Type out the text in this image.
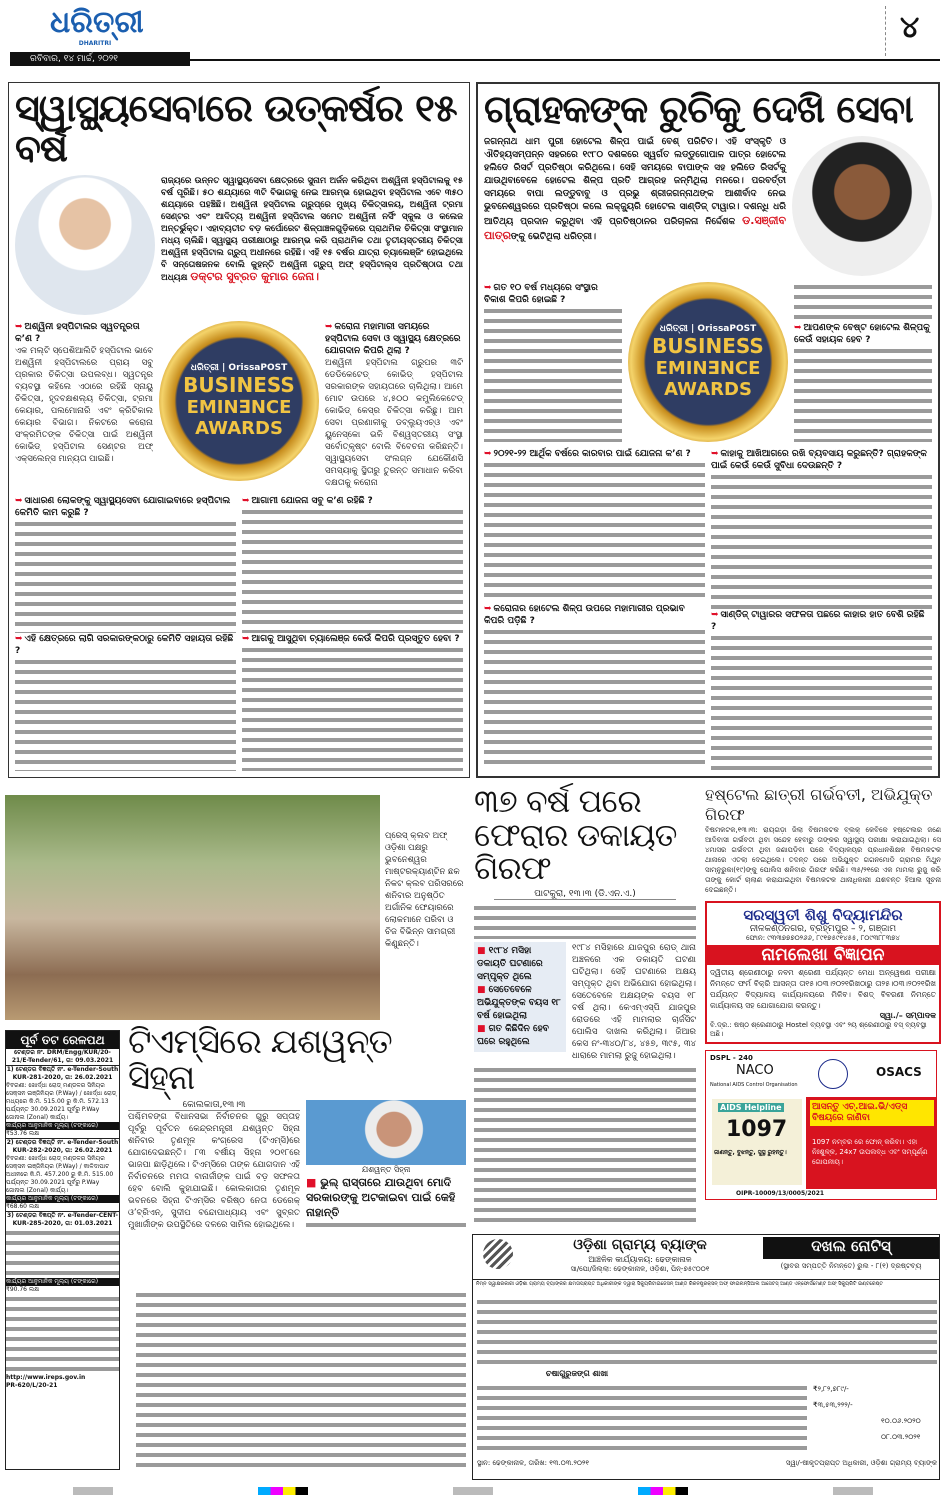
ଧରିତ୍ରୀ
DHARITRI
ରବିବାର, ୧୪ ମାର୍ଚ୍ଚ, ୨୦୨୧
୪
ସ୍ୱାସ୍ଥ୍ୟସେବାରେ ଉତ୍କର୍ଷର ୧୫ ବର୍ଷ
ରାଜ୍ୟରେ ଉନ୍ନତ ସ୍ୱାସ୍ଥ୍ୟସେବା କ୍ଷେତ୍ରରେ ସୁନାମ ଅର୍ଜନ କରିଥିବା ଅଶ୍ୱିନୀ ହସ୍ପିଟାଲକୁ ୧୫ ବର୍ଷ ପୂରିଛି। ୫୦ ଶଯ୍ୟାରେ ୩ଟି ବିଭାଗକୁ ନେଇ ଆରମ୍ଭ ହୋଇଥିବା ହସ୍ପିଟାଲ ଏବେ ୩୫୦ ଶଯ୍ୟାରେ ପହଞ୍ଚିଛି। ଅଶ୍ୱିନୀ ହସ୍ପିଟାଲ ଗ୍ରୁପ୍‌ରେ ମୁଖ୍ୟ ଚିକିତ୍ସାଳୟ, ଅଶ୍ୱିନୀ ଟ୍ରମା ସେଣ୍ଟର ଏବଂ ଆଦିତ୍ୟ ଅଶ୍ୱିନୀ ହସ୍ପିଟାଲ ସମେତ ଅଶ୍ୱିନୀ ନର୍ସିଂ ସ୍କୁଲ ଓ କଲେଜ ଅନ୍ତର୍ଭୁକ୍ତ। ଏହାବ୍ୟତୀତ ବଡ଼ କର୍ପୋରେଟ ଶିଳ୍ପାଞ୍ଚଳଗୁଡ଼ିକରେ ପ୍ରାଥମିକ ଚିକିତ୍ସା ସଂସ୍ଥାମାନ ମଧ୍ୟ ଚାଲିଛି। ସ୍ୱାସ୍ଥ୍ୟ ପରୀକ୍ଷାଠାରୁ ଆରମ୍ଭ କରି ପ୍ରାଥମିକ ତଥା ତୃତୀୟସ୍ତରୀୟ ଚିକିତ୍ସା ଅଶ୍ୱିନୀ ହସ୍ପିଟାଲ ଗ୍ରୁପ୍ ଅଧୀନରେ ରହିଛି। ଏହି ୧୫ ବର୍ଷର ଯାତ୍ରା ଚ୍ୟାଲେଞ୍ଜିଂ ହୋଇଥିଲେ ବି ସନ୍ତୋଷଜନକ ବୋଲି କୁହନ୍ତି ଅଶ୍ୱିନୀ ଗ୍ରୁପ୍ ଅଫ୍ ହସ୍ପିଟାଲ୍ସ ପ୍ରତିଷ୍ଠାତା ତଥା ଅଧ୍ୟକ୍ଷ ଡକ୍ଟର ସୁବ୍ରତ କୁମାର ଜେନା।
➥ ଅଶ୍ୱିନୀ ହସ୍ପିଟାଲର ସ୍ୱତନ୍ତ୍ରତା କ’ଣ ?
ଏକ ମଲ୍ଟି ସ୍ପେଶିଆଲିଟି ହସ୍ପିଟାଲ ଭାବେ ଅଶ୍ୱିନୀ ହସ୍ପିଟାଲରେ ପ୍ରାୟ ସବୁ ପ୍ରକାର ଚିକିତ୍ସା ଉପଲବ୍ଧ। ସ୍ୱତନ୍ତ୍ର ବ୍ୟବସ୍ଥା କହିଲେ ଏଠାରେ ରହିଛି ସ୍ନାୟୁ ଚିକିତ୍ସା, ହୃଦବକ୍ଷଶଲ୍ୟ ଚିକିତ୍ସା, ଟ୍ରମା କେୟାର, ପଲମୋନାରି ଏବଂ କ୍ରିଟିକାଲ କେୟାର ବିଭାଗ। ନିକଟରେ କରୋନା ସଂକ୍ରମିତଙ୍କ ଚିକିତ୍ସା ପାଇଁ ଅଶ୍ୱିନୀ କୋଭିଡ୍ ହସ୍ପିଟାଲ ସେଣ୍ଟର ଅଫ୍ ଏକ୍ସଲେନ୍ସ ମାନ୍ୟତା ପାଇଛି।
ଧରିତ୍ରୀ | OrissaPOST
BUSINESS
EMIN∃NCE
AWARDS
➥ କରୋନା ମହାମାରୀ ସମୟରେ ହସ୍ପିଟାଲ ସେବା ଓ ସ୍ୱାସ୍ଥ୍ୟ କ୍ଷେତ୍ରରେ ଯୋଗଦାନ କିପରି ଥିଲା ?
ଅଶ୍ୱିନୀ ହସ୍ପିଟାଲ ଗ୍ରୁପର ୩ଟି ଡେଡିକେଟେଡ୍ କୋଭିଡ୍ ହସ୍ପିଟାଲ ସରକାରଙ୍କ ସହାୟତାରେ ଚାଲିଥିଲା। ଆମେ ମୋଟ ଉପରେ ୪,୫୦୦ କମ୍ପ୍ଲିକେଟେଡ୍ କୋଭିଡ୍ କେସ୍‌ର ଚିକିତ୍ସା କରିଛୁ। ଆମ ସେବା ପ୍ରଣାଳୀକୁ ଡବ୍ଲ୍ୟୁଏଚ୍ଓ ଏବଂ ୟୁନେସ୍କୋ ଭଳି ବିଶ୍ୱସ୍ତରୀୟ ସଂସ୍ଥା ସର୍ବୋତ୍କୃଷ୍ଟ ବୋଲି ବିବେଚନା କରିଛନ୍ତି। ସ୍ୱାସ୍ଥ୍ୟସେବା ସଂଲଗ୍ନ ଯେକୌଣସି ସମସ୍ୟାକୁ ସ୍ଥିତାରୁ ତୁରନ୍ତ ସମାଧାନ କରିବା ଦକ୍ଷତାକୁ କରୋନା
➥ ସାଧାରଣ ଲୋକଙ୍କୁ ସ୍ୱାସ୍ଥ୍ୟସେବା ଯୋଗାଇବାରେ ହସ୍ପିଟାଲ କେମିତି କାମ କରୁଛି ?
➥ ଏହି କ୍ଷେତ୍ରରେ ଲାଗି ସରକାରଙ୍କଠାରୁ କେମିତି ସହାୟତା ରହିଛି ?
➥ ଆଗାମୀ ଯୋଜନା ସବୁ କ’ଣ ରହିଛି ?
➥ ଆଗକୁ ଆସୁଥିବା ଚ୍ୟାଲେଞ୍ଜ କେଉଁ କିପରି ପ୍ରସ୍ତୁତ ହେବା ?
ଗ୍ରାହକଙ୍କ ରୁଚିକୁ ଦେଖି ସେବା
ଜଗନ୍ନାଥ ଧାମ ପୁରୀ ହୋଟେଲ ଶିଳ୍ପ ପାଇଁ ବେଶ୍ ପରିଚିତ। ଏହି ସଂସ୍କୃତି ଓ ଐତିହ୍ୟସମ୍ପନ୍ନ ସହରରେ ୧୯୮୦ ଦଶକରେ ସ୍ୱର୍ଗତ ଲଡ୍ଡୁଗୋପାଳ ପାତ୍ର ହୋଟେଲ ହଲିଡେ ରିସର୍ଟ ପ୍ରତିଷ୍ଠା କରିଥିଲେ। ସେହି ସମୟରେ ବାପାଙ୍କ ସହ ହଲିଡେ ରିସର୍ଟକୁ ଯାଉଥିବାବେଳେ ହୋଟେଲ ଶିଳ୍ପ ପ୍ରତି ଆଗ୍ରହ ଜନ୍ମିଥିଲା ମନରେ। ପରବର୍ତ୍ତୀ ସମୟରେ ବାପା ଲଡ୍ଡୁବାବୁ ଓ ପ୍ରଭୁ ଶ୍ରୀଜଗନ୍ନାଥଙ୍କ ଆଶୀର୍ବାଦ ନେଇ ଭୁବନେଶ୍ୱରରେ ପ୍ରତିଷ୍ଠା କଲେ ଲକ୍ଜ୍ୟୁରି ହୋଟେଲ ସାଣ୍ଡିଜ୍ ଟାୱାର। ଦଶନ୍ଧି ଧରି ଆତିଥ୍ୟ ପ୍ରଦାନ କରୁଥିବା ଏହି ପ୍ରତିଷ୍ଠାନର ପରିଚାଳନା ନିର୍ଦ୍ଦେଶକ ଡ.ସଞ୍ଜୀବ ପାତ୍ରଙ୍କୁ ଭେଟିଥିଲା ଧରିତ୍ରୀ।
➥ ଗତ ୧୦ ବର୍ଷ ମଧ୍ୟରେ ସଂସ୍ଥାର ବିକାଶ କିପରି ହୋଇଛି ?
ଧରିତ୍ରୀ | OrissaPOST
BUSINESS
EMIN∃NCE
AWARDS
➥ ଆପଣଙ୍କ ବେଷ୍ଟ ହୋଟେଲ ଶିଳ୍ପକୁ କେଉଁ ସହାୟକ ହେବ ?
➥ ୨୦୨୧-୨୨ ଆର୍ଥିକ ବର୍ଷରେ କାରବାର ପାଇଁ ଯୋଜନା କ’ଣ ?
➥ କରୋନାର ହୋଟେଲ ଶିଳ୍ପ ଉପରେ ମହାମାରୀର ପ୍ରଭାବ କିପରି ପଡ଼ିଛି ?
➥ କାହାକୁ ଆଖିଆଗରେ ରଖି ବ୍ୟବସାୟ କରୁଛନ୍ତି? ଗ୍ରାହକଙ୍କ ପାଇଁ କେଉଁ କେଉଁ ସୁବିଧା ଦେଉଛନ୍ତି ?
➥ ସାଣ୍ଡିଜ୍ ଟାୱାରର ସଫଳତା ପଛରେ କାହାର ହାତ ବେଶି ରହିଛି ?
ପ୍ରେସ୍ କ୍ଲବ ଅଫ୍ ଓଡ଼ିଶା ପକ୍ଷରୁ ଭୁବନେଶ୍ୱର ମାଷ୍ଟରକ୍ୟାଣ୍ଟିନ ଛକ ନିକଟ କ୍ଲବ ପରିସରରେ ଶନିବାର ଅନୁଷ୍ଠିତ ଅର୍ଗାନିକ ଫେୟାରରେ ଲୋକମାନେ ପରିବା ଓ ଚିଜ ବିଭିନ୍ନ ସାମଗ୍ରୀ କିଣୁଛନ୍ତି।
୩୭ ବର୍ଷ ପରେ ଫେରାର ଡକାୟତ ଗିରଫ
ପାଟକୁରା, ୧୩।୩ (ଡି.ଏନ.ଏ.)
■ ୧୯୮୪ ମସିହା ଡକାୟତି ଘଟଣାରେ ସମ୍ପୃକ୍ତ ଥିଲେ
■ ସେତେବେଳେ ଅଭିଯୁକ୍ତଙ୍କ ବୟସ ୧୮ ବର୍ଷ ହୋଇଥିଲା
■ ଗତ କିଛିଦିନ ହେବ ଘରେ ରହୁଥିଲେ
୧୯୮୪ ମସିହାରେ ଯାଜପୁର ରୋଡ୍ ଥାନା ଅଞ୍ଚଳରେ ଏକ ଡକାୟତି ଘଟଣା ଘଟିଥିଲା। ସେହି ଘଟଣାରେ ଅକ୍ଷୟ ସମ୍ପୃକ୍ତ ଥିବା ଅଭିଯୋଗ ହୋଇଥିଲା। ସେତେବେଳେ ଅକ୍ଷୟଙ୍କ ବୟସ ୧୮ ବର୍ଷ ଥିଲା। କେଏମ୍ଏସ୍‌ପି ଯାଜପୁର ରୋଡରେ ଏହି ମାମଲାର ଚାର୍ଜସିଟ ପୋଲିସ ଦାଖଲ କରିଥିଲା। ଜିଆର କେସ ନଂ-୩୪୦/୮୪, ୪୫୭, ୩୯୫, ୩୪ ଧାରାରେ ମାମଲା ରୁଜୁ ହୋଇଥିଲା।
ହଷ୍ଟେଲ ଛାତ୍ରୀ ଗର୍ଭବତୀ, ଅଭିଯୁକ୍ତ ଗିରଫ
ବିଷମକଟକ,୧୩।୩: ରାୟଗଡ଼ା ଜିଲା ବିଷମକଟକ ବ୍ଲକ୍ କେବିକେ ହଷ୍ଟେଲର ଜଣେ ଆଦିବାସୀ ଗର୍ଭବତୀ ଥିବା ସନ୍ଦେହ ହେବାରୁ ତାଙ୍କର ସ୍ୱାସ୍ଥ୍ୟ ପରୀକ୍ଷା କରାଯାଇଥିଲା। ସେ ୪ମାସର ଗର୍ଭବତୀ ଥିବା ଜଣାପଡ଼ିବା ପରେ ବିଦ୍ୟାଳୟର ପ୍ରଧାନଶିକ୍ଷକ ବିଷମକଟକ ଥାନାରେ ଏତଲା ଦେଇଥିଲେ। ତଦନ୍ତ ପରେ ଅଭିଯୁକ୍ତ ଗଗନମୋଡି ଗ୍ରାମର ମିଥୁନ ସାମ୍ନୁରୁକା(୧୯)ଙ୍କୁ ପୋଲିସ ଶନିବାର ଗିରଫ କରିଛି। ୩୫/୨୧ରେ ଏକ ମାମଲା ରୁଜୁ କରି ତାଙ୍କୁ କୋର୍ଟ ଚାଲାଣ କରାଯାଇଥିବା ବିଷମକଟକ ଥାନାଧିକାରୀ ଯଶବନ୍ତ ହିଆଲ ସୂଚନା ଦେଇଛନ୍ତି।
ସରସ୍ୱତୀ ଶିଶୁ ବିଦ୍ୟାମନ୍ଦିର
ନୀଳକଣ୍ଠନଗର, ବ୍ରହ୍ମପୁର – ୨, ଗଞ୍ଜାମ
ଫୋନ: ୯୩୩୭୭୭୦୨୬୬, ୮୯୧୭୫୯୧୪୫୫, ୮୦୯୩୮୮୩୭୪
ନାମଲେଖା ବିଜ୍ଞାପନ
ଦ୍ୱିତୀୟ ଶ୍ରେଣୀଠାରୁ ନବମ ଶ୍ରେଣୀ ପର୍ଯ୍ୟନ୍ତ ମେଧା ଅନ୍ୱେଷଣ ପରୀକ୍ଷା ନିମନ୍ତେ ଫର୍ମ ବିକ୍ରି ଆସନ୍ତା ତା୧୫।୦୩।୨୦୨୧ରିଖଠାରୁ ତା୨୫।୦୩।୨୦୨୧ରିଖ ପର୍ଯ୍ୟନ୍ତ ବିଦ୍ୟାଳୟ କାର୍ଯ୍ୟାଳୟରେ ମିଳିବ। ବିଶଦ୍ ବିବରଣୀ ନିମନ୍ତେ କାର୍ଯ୍ୟାଳୟ ସହ ଯୋଗାଯୋଗ କରନ୍ତୁ।
ସ୍ୱା./– ସମ୍ପାଦକ
ବି.ଦ୍ର.: ଷଷ୍ଠ ଶ୍ରେଣୀଠାରୁ Hostel ବ୍ୟବସ୍ଥା ଏବଂ ୨ୟ ଶ୍ରେଣୀଠାରୁ ବସ୍ ବ୍ୟବସ୍ଥା ଅଛି।
DSPL - 240
NACO
National AIDS Control Organisation
OSACS
ଆସନ୍ତୁ ଏଚ୍.ଆଇ.ଭି/ଏଡ୍‌ସ ବିଷୟରେ ଜାଣିବା
1097 ନମ୍ବର ରେ ଫୋନ୍ କରିବା। ଏହା ନିଃଶୁଳ୍କ, 24x7 ଉପଲବ୍ଧ ଏବଂ ସମ୍ପୂର୍ଣ୍ଣ ଗୋପନୀୟ।
AIDS Helpline
1097
ଜାଣନ୍ତୁ, ବୁଝନ୍ତୁ, ସୁସ୍ଥ ରୁହନ୍ତୁ।
OIPR-10009/13/0005/2021
ପୂର୍ବ ତଟ ରେଳପଥ
ଟେଣ୍ଡର ନଂ. DRM/Engg/KUR/20-21/E-Tender/61, ତା: 09.03.2021
1) ଟେଣ୍ଡର ବିଜ୍ଞପ୍ତି ନଂ. e-Tender-South KUR-281-2020, ତା: 26.02.2021
ବିବରଣୀ: ଖୋର୍ଦ୍ଧା ରୋଡ୍ ମଣ୍ଡଳର ସିନିୟର ସେକ୍ସନ ଇଞ୍ଜିନିୟର (P.Way) / ଖୋର୍ଦ୍ଧା ରୋଡ୍ ମଧ୍ୟରେ କି.ମି. 515.00 ରୁ କି.ମି. 572.13 ପର୍ଯ୍ୟନ୍ତ 30.09.2021 ପୂର୍ବରୁ P.Way ଜୋନାଲ (Zonal) କାର୍ଯ୍ୟ।
କାର୍ଯ୍ୟର ଆନୁମାନିକ ମୂଲ୍ୟ (ଟଙ୍କାରେ)
₹53.76 ଲକ୍ଷ
2) ଟେଣ୍ଡର ବିଜ୍ଞପ୍ତି ନଂ. e-Tender-South KUR-282-2020, ତା: 26.02.2021
ବିବରଣୀ: ଖୋର୍ଦ୍ଧା ରୋଡ୍ ମଣ୍ଡଳର ସିନିୟର ସେକ୍ସନ ଇଞ୍ଜିନିୟର (P.Way) / କାଳିଦାପାଟ ଅଧୀନରେ କି.ମି. 457.200 ରୁ କି.ମି. 515.00 ପର୍ଯ୍ୟନ୍ତ 30.09.2021 ପୂର୍ବରୁ P.Way ଜୋନାଲ (Zonal) କାର୍ଯ୍ୟ।
କାର୍ଯ୍ୟର ଆନୁମାନିକ ମୂଲ୍ୟ (ଟଙ୍କାରେ)
₹68.60 ଲକ୍ଷ
3) ଟେଣ୍ଡର ବିଜ୍ଞପ୍ତି ନଂ. e-Tender-CENT-KUR-285-2020, ତା: 01.03.2021
କାର୍ଯ୍ୟର ଆନୁମାନିକ ମୂଲ୍ୟ (ଟଙ୍କାରେ)
₹90.76 ଲକ୍ଷ
http://www.ireps.gov.in
PR-620/L/20-21
ଟିଏମ୍‌ସିରେ ଯଶୱନ୍ତ ସିହ୍ନା
କୋଲକାତା,୧୩।୩
ପଶ୍ଚିମବଙ୍ଗ ବିଧାନସଭା ନିର୍ବାଚନର ଗୁରୁ ସପ୍ତାହ ପୂର୍ବରୁ ପୂର୍ବତନ କେନ୍ଦ୍ରମନ୍ତ୍ରୀ ଯଶୱନ୍ତ ସିହ୍ନା ଶନିବାର ତୃଣମୂଳ କଂଗ୍ରେସ (ଟିଏମ୍‌ସି)ରେ ଯୋଗଦେଇଛନ୍ତି। ୮୩ ବର୍ଷୀୟ ସିହ୍ନା ୨୦୧୮ରେ ଭାଜପା ଛାଡ଼ିଥିଲେ। ଟିଏମ୍‌ସିରେ ତାଙ୍କ ଯୋଗଦାନ ଏହି ନିର୍ବାଚନରେ ମମତା ବାନାର୍ଜୀଙ୍କ ପାଇଁ ବଡ଼ ସଫଳତା ହେବ ବୋଲି କୁହାଯାଇଛି। କୋଲକାତାର ତୃଣମୂଳ ଭବନରେ ସିହ୍ନା ଟିଏମ୍‌ସିର ବରିଷ୍ଠ ନେତା ଡେରେକ୍ ଓ’ବ୍ରିଏନ୍, ସୁଦୀପ ବନ୍ଦୋପାଧ୍ୟାୟ ଏବଂ ସୁବ୍ରତ ମୁଖାର୍ଜୀଙ୍କ ଉପସ୍ଥିତିରେ ଦଳରେ ସାମିଲ ହୋଇଥିଲେ।
ଯଶୱନ୍ତ ସିହ୍ନା
■ ଭୁଲ୍ ରାସ୍ତାରେ ଯାଉଥିବା ମୋଦି ସରକାରଙ୍କୁ ଅଟକାଇବା ପାଇଁ କେହି ନାହାନ୍ତି
ଓଡ଼ିଶା ଗ୍ରାମ୍ୟ ବ୍ୟାଙ୍କ
ଆଞ୍ଚଳିକ କାର୍ଯ୍ୟାଳୟ: ଢେଙ୍କାନାଳ
ସା/ପୋ/ଜିଲ୍ଲା: ଢେଙ୍କାନାଳ, ଓଡ଼ିଶା, ପିନ୍-୭୫୯୦୦୧
ଦଖଲ ନୋଟିସ୍
(ସ୍ଥାବର ସମ୍ପତ୍ତି ନିମନ୍ତେ) ରୁଲ - ୮(୧) ଦ୍ରଷ୍ଟବ୍ୟ
ନିମ୍ନ ସ୍ୱାକ୍ଷରକାରୀ ଓଡ଼ିଶା ଗ୍ରାମ୍ୟ ବ୍ୟାଙ୍କର କ୍ଷମତାପ୍ରାପ୍ତ ଅଧିକାରୀଙ୍କ ଦ୍ୱାରା ସିକ୍ୟୁରିଟାଇଜେସନ୍ ଆଣ୍ଡ ରିକନଷ୍ଟ୍ରକ୍ସନ୍ ଅଫ୍ ଫାଇନାନ୍ସିଆଲ ଆସେଟସ୍ ଆଣ୍ଡ ଏନ୍‌ଫୋର୍ସମେଣ୍ଟ ଅଫ୍ ସିକ୍ୟୁରିଟି ଇଣ୍ଟରେଷ୍ଟ
ଚଷାଗୁରୁଜଙ୍ଗ ଶାଖା
₹୨,୮୨,୭୮୯/-
₹୩,୫୩,୨୨୨/-
୧୦.୦୬.୨୦୨୦
୦୮.୦୩.୨୦୨୧
ସ୍ଥାନ: ଢେଙ୍କାନାଳ, ତାରିଖ: ୧୩.୦୩.୨୦୨୧	ସ୍ୱା/-ଷୀକୃତପ୍ରାପ୍ତ ଅଧିକାରୀ, ଓଡ଼ିଶା ଗ୍ରାମ୍ୟ ବ୍ୟାଙ୍କ
